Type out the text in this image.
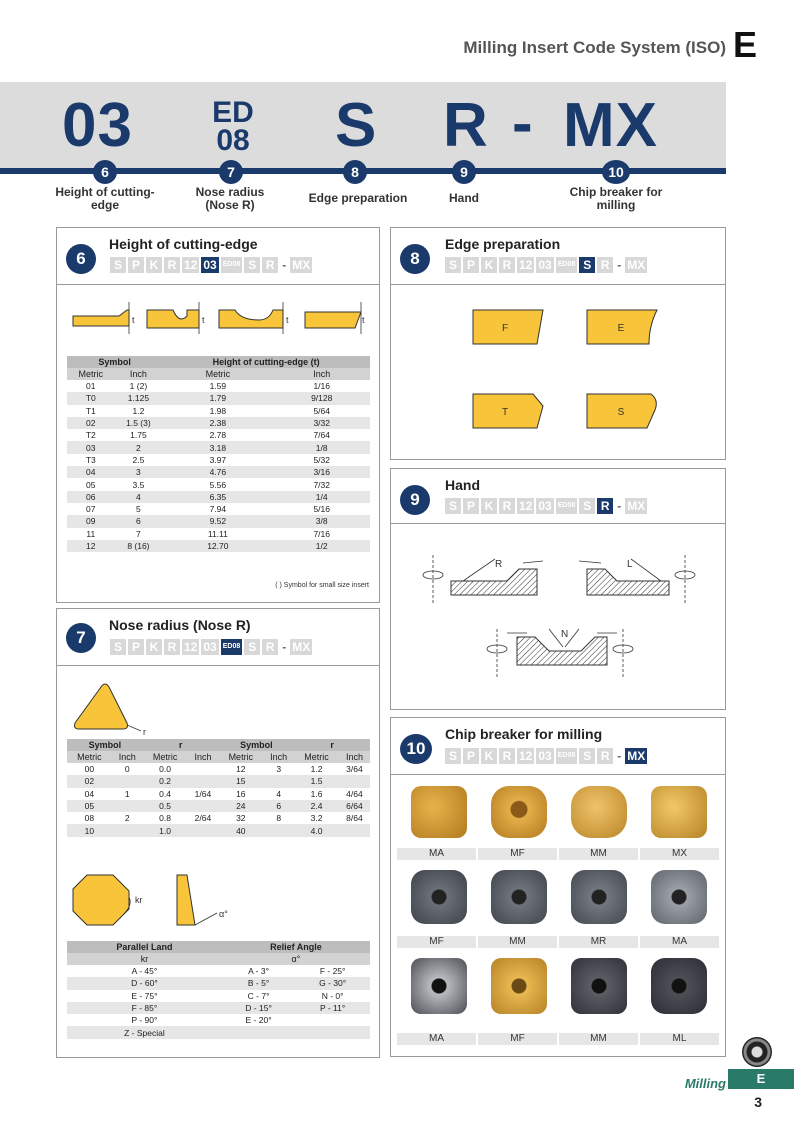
Milling Insert Code System (ISO) E
03	ED
08 S R - MX
6	7	8	9	10
Height of cutting-edge
Nose radius (Nose R)	Edge preparation	Hand	Chip breaker for milling
6
Height of cutting-edge
S P K R 12 03 ED08 S R - MX
t	t	t	t
Symbol		Height of cutting-edge (t)	
Metric	Inch	Metric	Inch
01	1 (2)	1.59	1/16
T0	1.125	1.79	9/128
T1	1.2	1.98	5/64
02	1.5 (3)	2.38	3/32
T2	1.75	2.78	7/64
03	2	3.18	1/8
T3	2.5	3.97	5/32
04	3	4.76	3/16
05	3.5	5.56	7/32
06	4	6.35	1/4
07	5	7.94	5/16
09	6	9.52	3/8
11	7	11.11	7/16
12	8 (16)	12.70	1/2
( ) Symbol for small size insert
7
Nose radius (Nose R)
S P K R 12 03 ED08 S R - MX
r
Symbol		r		Symbol		r	
Metric	Inch	Metric	Inch	Metric	Inch	Metric	Inch
00	0	0.0		12	3	1.2	3/64
02		0.2		15		1.5	
04	1	0.4	1/64	16	4	1.6	4/64
05		0.5		24	6	2.4	6/64
08	2	0.8	2/64	32	8	3.2	8/64
10		1.0		40		4.0	
kr
α°
Parallel Land	Relief Angle	
kr	α°	
A - 45°	A - 3°	F - 25°
D - 60°	B - 5°	G - 30°
E - 75°	C - 7°	N - 0°
F - 85°	D - 15°	P - 11°
P - 90°	E - 20°	
Z - Special		
8
Edge preparation
S P K R 12 03 ED08 S R - MX
F	E
T	S
9
Hand
S P K R 12 03 ED08 S R - MX
R	L
N
10
Chip breaker for milling
S P K R 12 03 ED08 S R - MX
MA	MF	MM	MX
MF	MM	MR	MA
MA	MF	MM	ML
Milling	E
3
